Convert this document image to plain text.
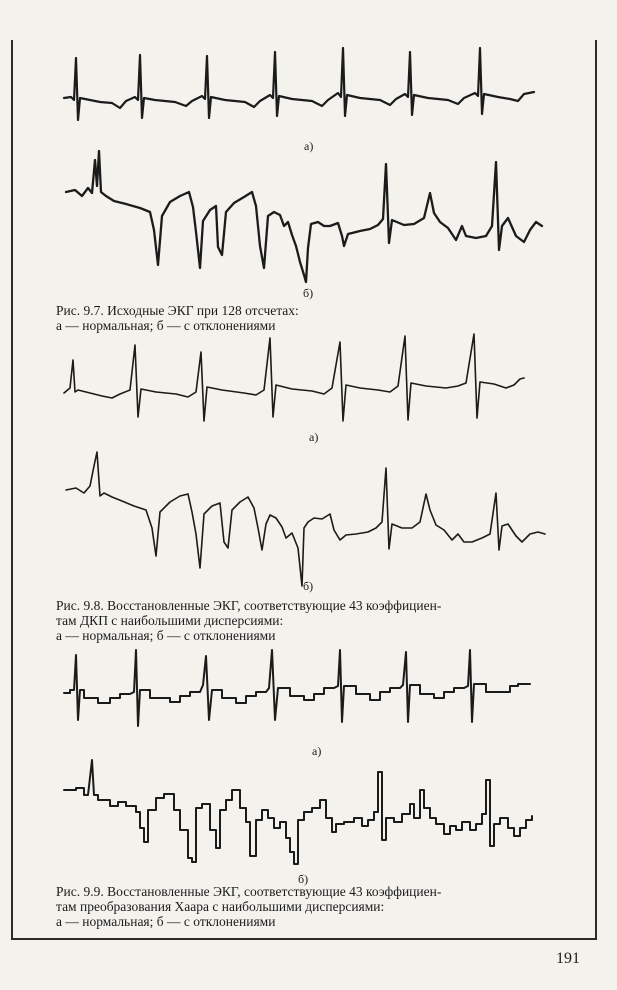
а)
б)
Рис. 9.7. Исходные ЭКГ при 128 отсчетах:
а — нормальная; б — с отклонениями
а)
б)
Рис. 9.8. Восстановленные ЭКГ, соответствующие 43 коэффициен-
там ДКП с наибольшими дисперсиями:
а — нормальная; б — с отклонениями
а)
б)
Рис. 9.9. Восстановленные ЭКГ, соответствующие 43 коэффициен-
там преобразования Хаара с наибольшими дисперсиями:
а — нормальная; б — с отклонениями
191
